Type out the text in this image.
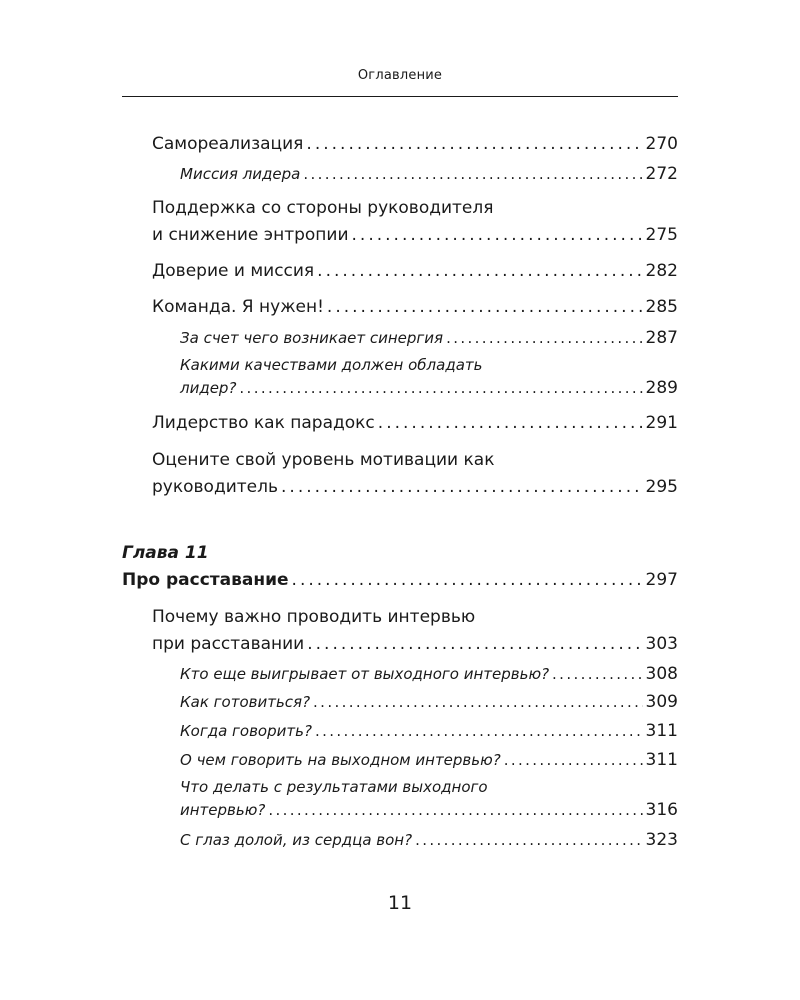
Оглавление
Самореализация . . .	270
Миссия лидера . . .	272
Поддержка со стороны руководителя
и снижение энтропии . . .	275
Доверие и миссия . . .	282
Команда. Я нужен! . . .	285
За счет чего возникает синергия . . .	287
Какими качествами должен обладать
лидер? . . .	289
Лидерство как парадокс . . .	291
Оцените свой уровень мотивации как
руководитель . . .	295
Глава 11
Про расставание . . .	297
Почему важно проводить интервью
при расставании . . .	303
Кто еще выигрывает от выходного интервью? . . .	308
Как готовиться? . . .	309
Когда говорить? . . .	311
О чем говорить на выходном интервью? . . .	311
Что делать с результатами выходного
интервью? . . .	316
С глаз долой, из сердца вон? . . .	323
11
